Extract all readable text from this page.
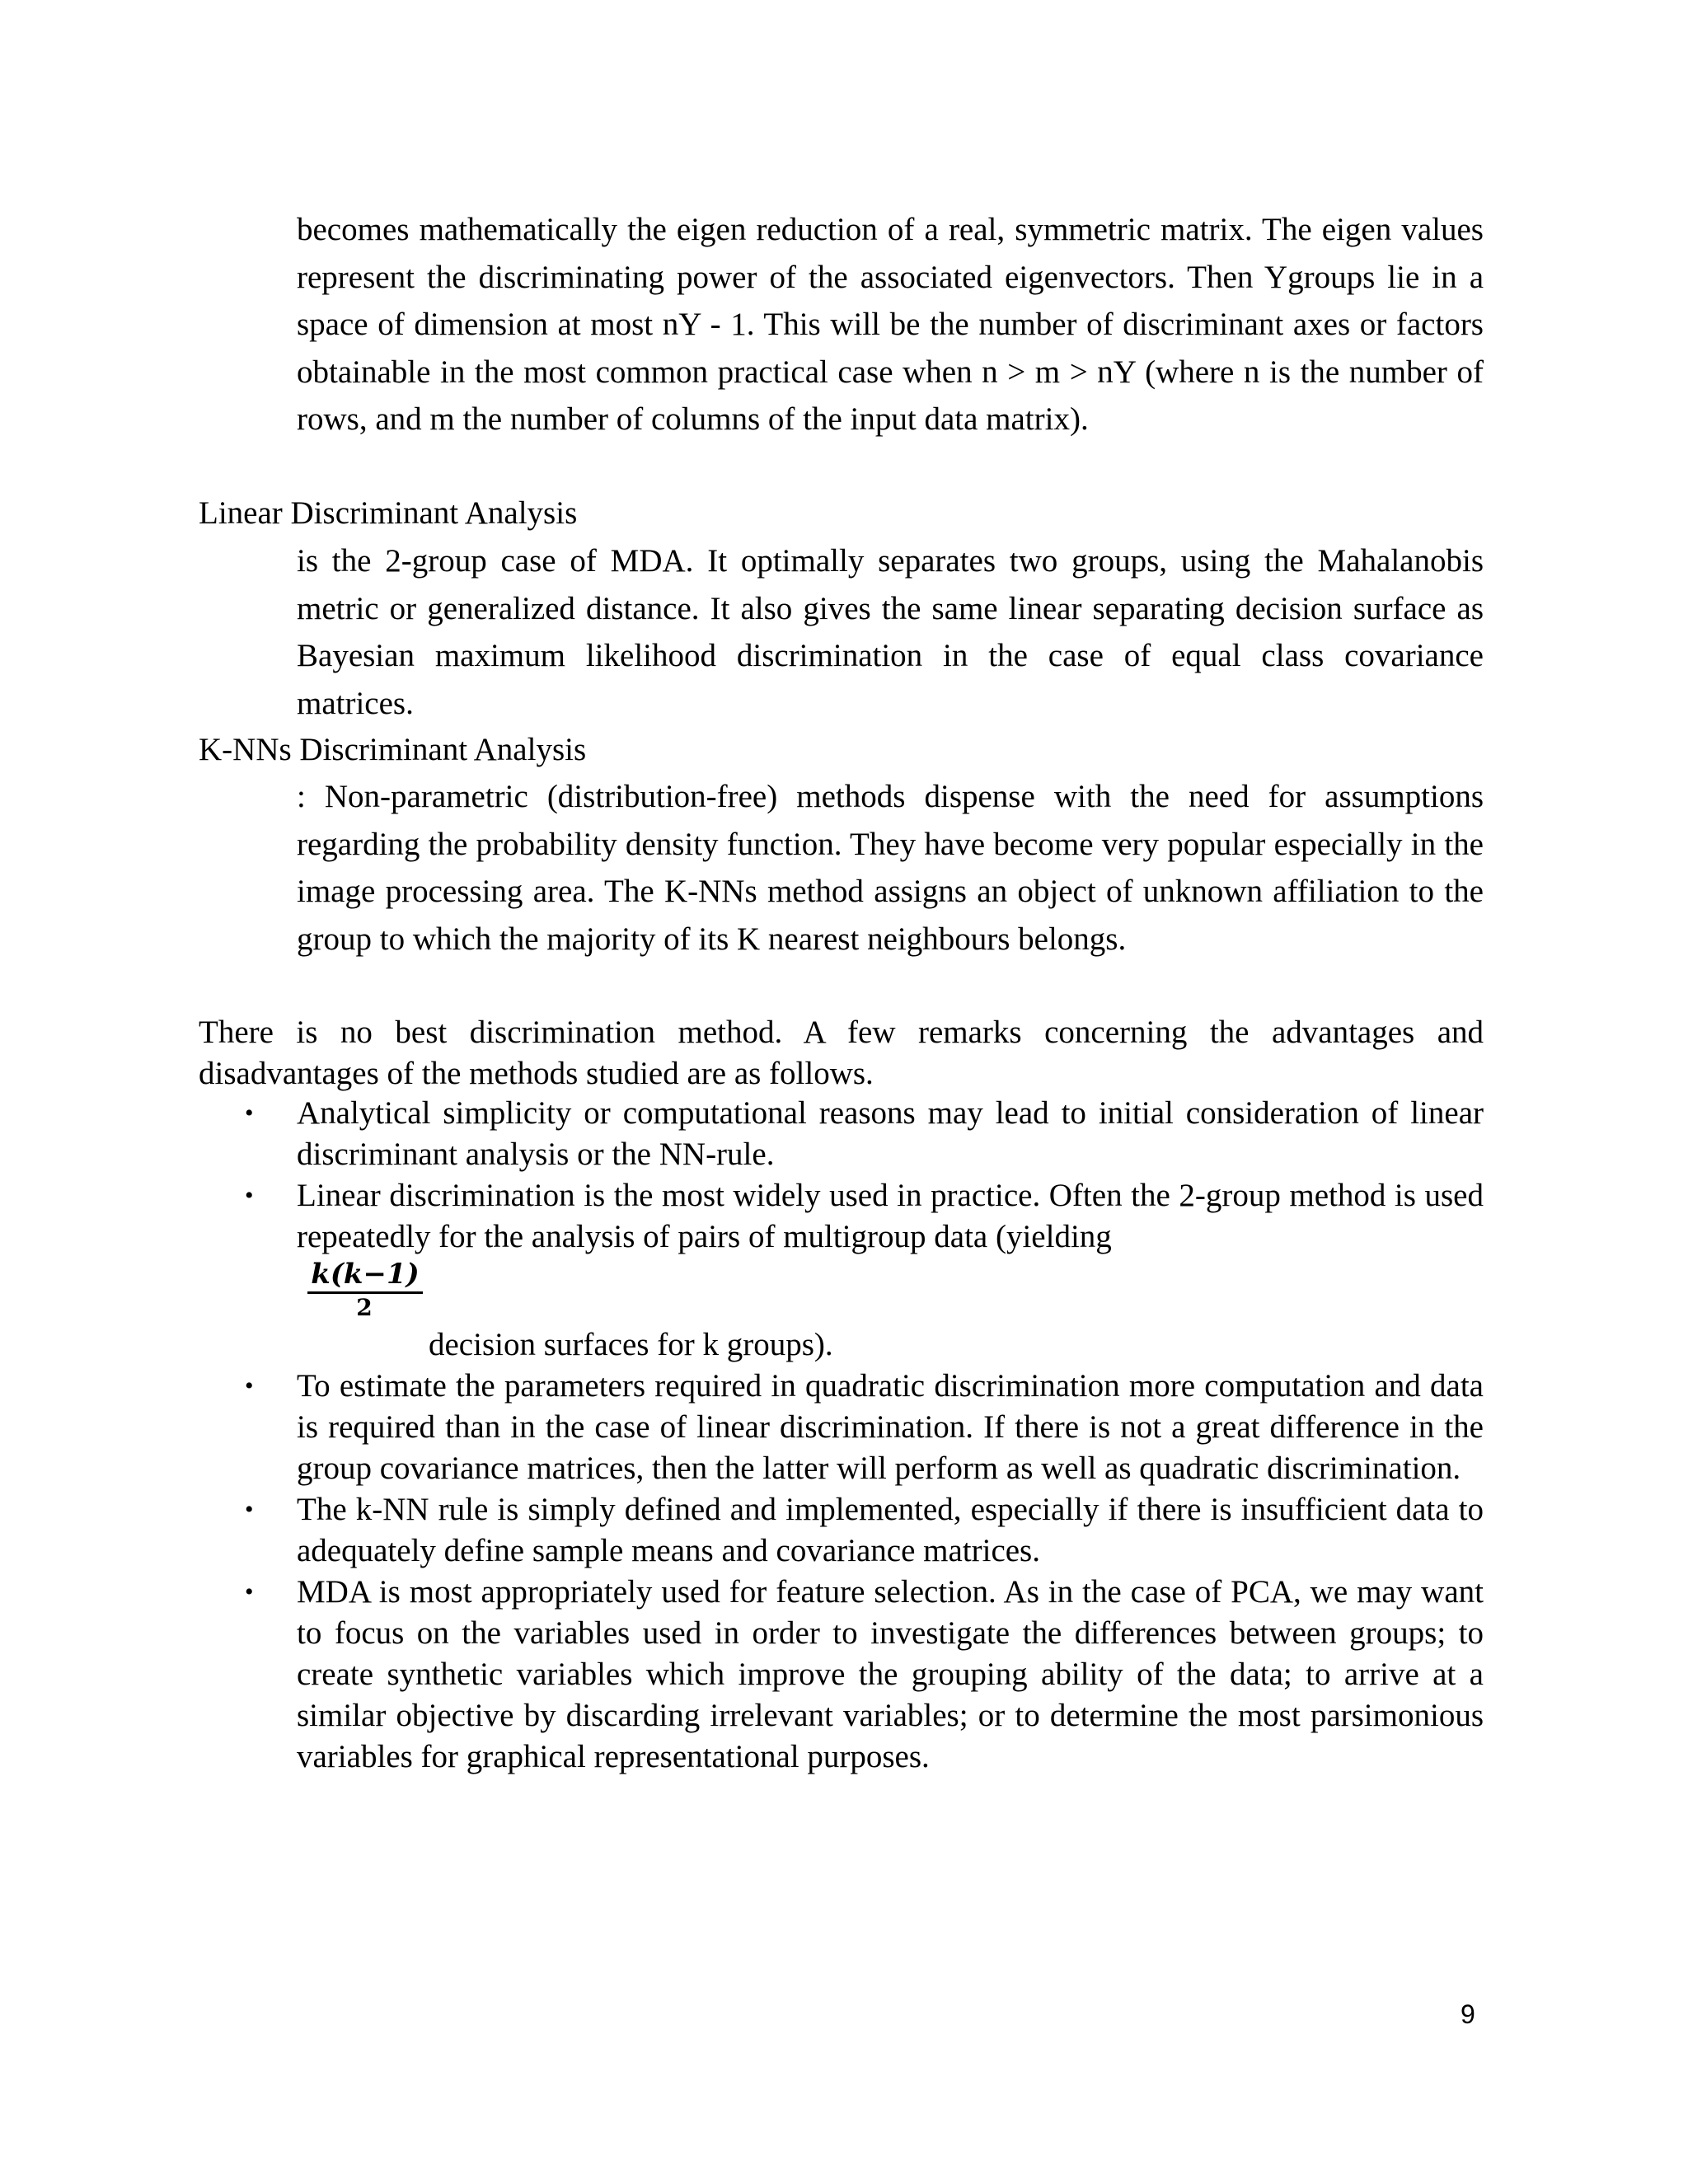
becomes mathematically the eigen reduction of a real, symmetric matrix. The eigen values represent the discriminating power of the associated eigenvectors. Then Ygroups lie in a space of dimension at most nY - 1. This will be the number of discriminant axes or factors obtainable in the most common practical case when n > m > nY (where n is the number of rows, and m the number of columns of the input data matrix).

Linear Discriminant Analysis

is the 2-group case of MDA. It optimally separates two groups, using the Mahalanobis metric or generalized distance. It also gives the same linear separating decision surface as Bayesian maximum likelihood discrimination in the case of equal class covariance matrices.

K-NNs Discriminant Analysis

: Non-parametric (distribution-free) methods dispense with the need for assumptions regarding the probability density function. They have become very popular especially in the image processing area. The K-NNs method assigns an object of unknown affiliation to the group to which the majority of its K nearest neighbours belongs.

There is no best discrimination method. A few remarks concerning the advantages and disadvantages of the methods studied are as follows.

• Analytical simplicity or computational reasons may lead to initial consideration of linear discriminant analysis or the NN-rule.
• Linear discrimination is the most widely used in practice. Often the 2-group method is used repeatedly for the analysis of pairs of multigroup data (yielding
k(k−1)
2
decision surfaces for k groups).
• To estimate the parameters required in quadratic discrimination more computation and data is required than in the case of linear discrimination. If there is not a great difference in the group covariance matrices, then the latter will perform as well as quadratic discrimination.
• The k-NN rule is simply defined and implemented, especially if there is insufficient data to adequately define sample means and covariance matrices.
• MDA is most appropriately used for feature selection. As in the case of PCA, we may want to focus on the variables used in order to investigate the differences between groups; to create synthetic variables which improve the grouping ability of the data; to arrive at a similar objective by discarding irrelevant variables; or to determine the most parsimonious variables for graphical representational purposes.
9
